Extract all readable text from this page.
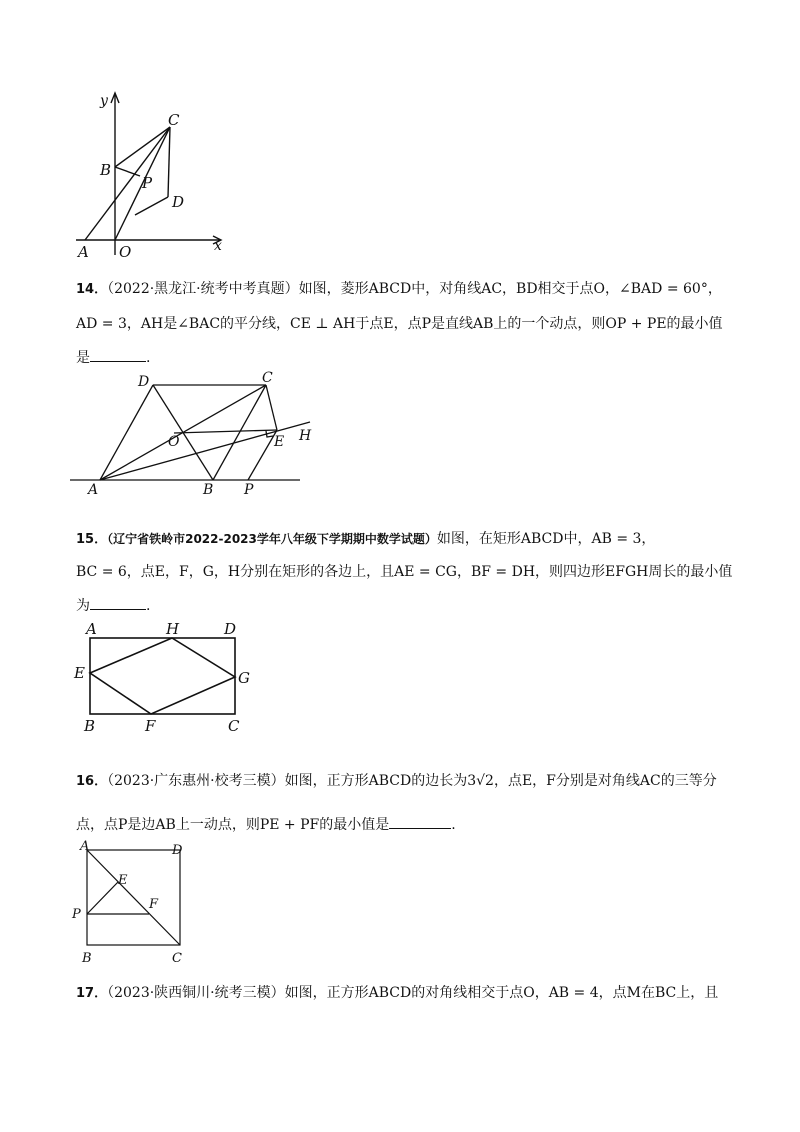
y
x
C
B
P
D
A O
14．（2022·黑龙江·统考中考真题）如图，菱形ABCD中，对角线AC，BD相交于点O，∠BAD = 60°，
AD = 3，AH是∠BAC的平分线，CE ⊥ AH于点E，点P是直线AB上的一个动点，则OP + PE的最小值
是	.
D	C
O	E H
A	B P
15．（辽宁省铁岭市2022-2023学年八年级下学期期中数学试题）如图，在矩形ABCD中，AB = 3，
BC = 6，点E，F，G，H分别在矩形的各边上，且AE = CG，BF = DH，则四边形EFGH周长的最小值
为	.
A	H	D
E	G
B	F	C
16．（2023·广东惠州·校考三模）如图，正方形ABCD的边长为3√2，点E，F分别是对角线AC的三等分
点，点P是边AB上一动点，则PE + PF的最小值是	.
A	D
E
P
F
B	C
17．（2023·陕西铜川·统考三模）如图，正方形ABCD的对角线相交于点O，AB = 4，点M在BC上，且
